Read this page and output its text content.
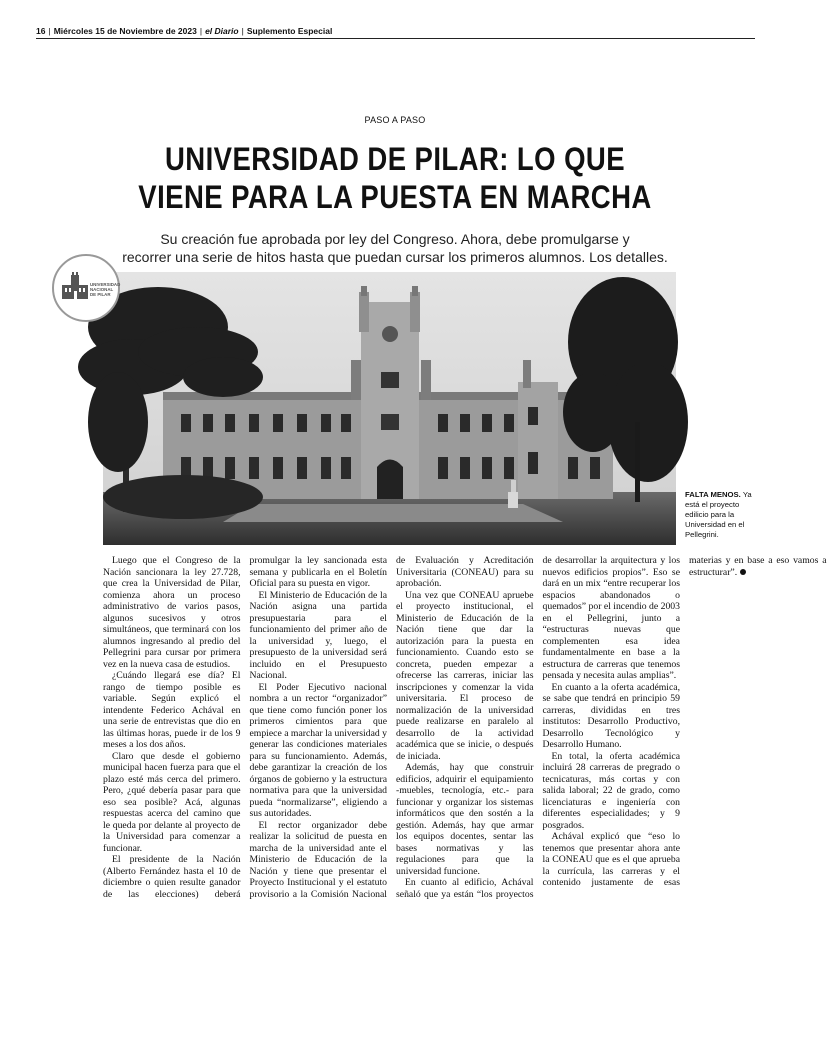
16 | Miércoles 15 de Noviembre de 2023 | el Diario | Suplemento Especial
PASO A PASO
UNIVERSIDAD DE PILAR: LO QUE
VIENE PARA LA PUESTA EN MARCHA
Su creación fue aprobada por ley del Congreso. Ahora, debe promulgarse y
recorrer una serie de hitos hasta que puedan cursar los primeros alumnos. Los detalles.
UNIVERSIDAD
NACIONAL
DE PILAR
FALTA MENOS. Ya está el proyecto edilicio para la Universidad en el Pellegrini.

Luego que el Congreso de la Nación sancionara la ley 27.728, que crea la Universidad de Pilar, comienza ahora un proceso administrativo de varios pasos, algunos sucesivos y otros simultáneos, que terminará con los alumnos ingresando al predio del Pellegrini para cursar por primera vez en la nueva casa de estudios.

¿Cuándo llegará ese día? El rango de tiempo posible es variable. Según explicó el intendente Federico Achával en una serie de entrevistas que dio en las últimas horas, puede ir de los 9 meses a los dos años.

Claro que desde el gobierno municipal hacen fuerza para que el plazo esté más cerca del primero. Pero, ¿qué debería pasar para que eso sea posible? Acá, algunas respuestas acerca del camino que le queda por delante al proyecto de la Universidad para comenzar a funcionar.

El presidente de la Nación (Alberto Fernández hasta el 10 de diciembre o quien resulte ganador de las elecciones) deberá promulgar la ley sancionada esta semana y publicarla en el Boletín Oficial para su puesta en vigor.

El Ministerio de Educación de la Nación asigna una partida presupuestaria para el funcionamiento del primer año de la universidad y, luego, el presupuesto de la universidad será incluido en el Presupuesto Nacional.

El Poder Ejecutivo nacional nombra a un rector “organizador” que tiene como función poner los primeros cimientos para que empiece a marchar la universidad y generar las condiciones materiales para su funcionamiento. Además, debe garantizar la creación de los órganos de gobierno y la estructura normativa para que la universidad pueda “normalizarse”, eligiendo a sus autoridades.

El rector organizador debe realizar la solicitud de puesta en marcha de la universidad ante el Ministerio de Educación de la Nación y tiene que presentar el Proyecto Institucional y el estatuto provisorio a la Comisión Nacional de Evaluación y Acreditación Universitaria (CONEAU) para su aprobación.

Una vez que CONEAU apruebe el proyecto institucional, el Ministerio de Educación de la Nación tiene que dar la autorización para la puesta en funcionamiento. Cuando esto se concreta, pueden empezar a ofrecerse las carreras, iniciar las inscripciones y comenzar la vida universitaria. El proceso de normalización de la universidad puede realizarse en paralelo al desarrollo de la actividad académica que se inicie, o después de iniciada.

Además, hay que construir edificios, adquirir el equipamiento -muebles, tecnología, etc.- para funcionar y organizar los sistemas informáticos que den sostén a la gestión. Además, hay que armar los equipos docentes, sentar las bases normativas y las regulaciones para que la universidad funcione.

En cuanto al edificio, Achával señaló que ya están “los proyectos de desarrollar la arquitectura y los nuevos edificios propios”. Eso se dará en un mix “entre recuperar los espacios abandonados o quemados” por el incendio de 2003 en el Pellegrini, junto a “estructuras nuevas que complementen esa idea fundamentalmente en base a la estructura de carreras que tenemos pensada y necesita aulas amplias”.

En cuanto a la oferta académica, se sabe que tendrá en principio 59 carreras, divididas en tres institutos: Desarrollo Productivo, Desarrollo Tecnológico y Desarrollo Humano.

En total, la oferta académica incluirá 28 carreras de pregrado o tecnicaturas, más cortas y con salida laboral; 22 de grado, como licenciaturas e ingeniería con diferentes especialidades; y 9 posgrados.

Achával explicó que “eso lo tenemos que presentar ahora ante la CONEAU que es el que aprueba la currícula, las carreras y el contenido justamente de esas materias y en base a eso vamos a estructurar”.
